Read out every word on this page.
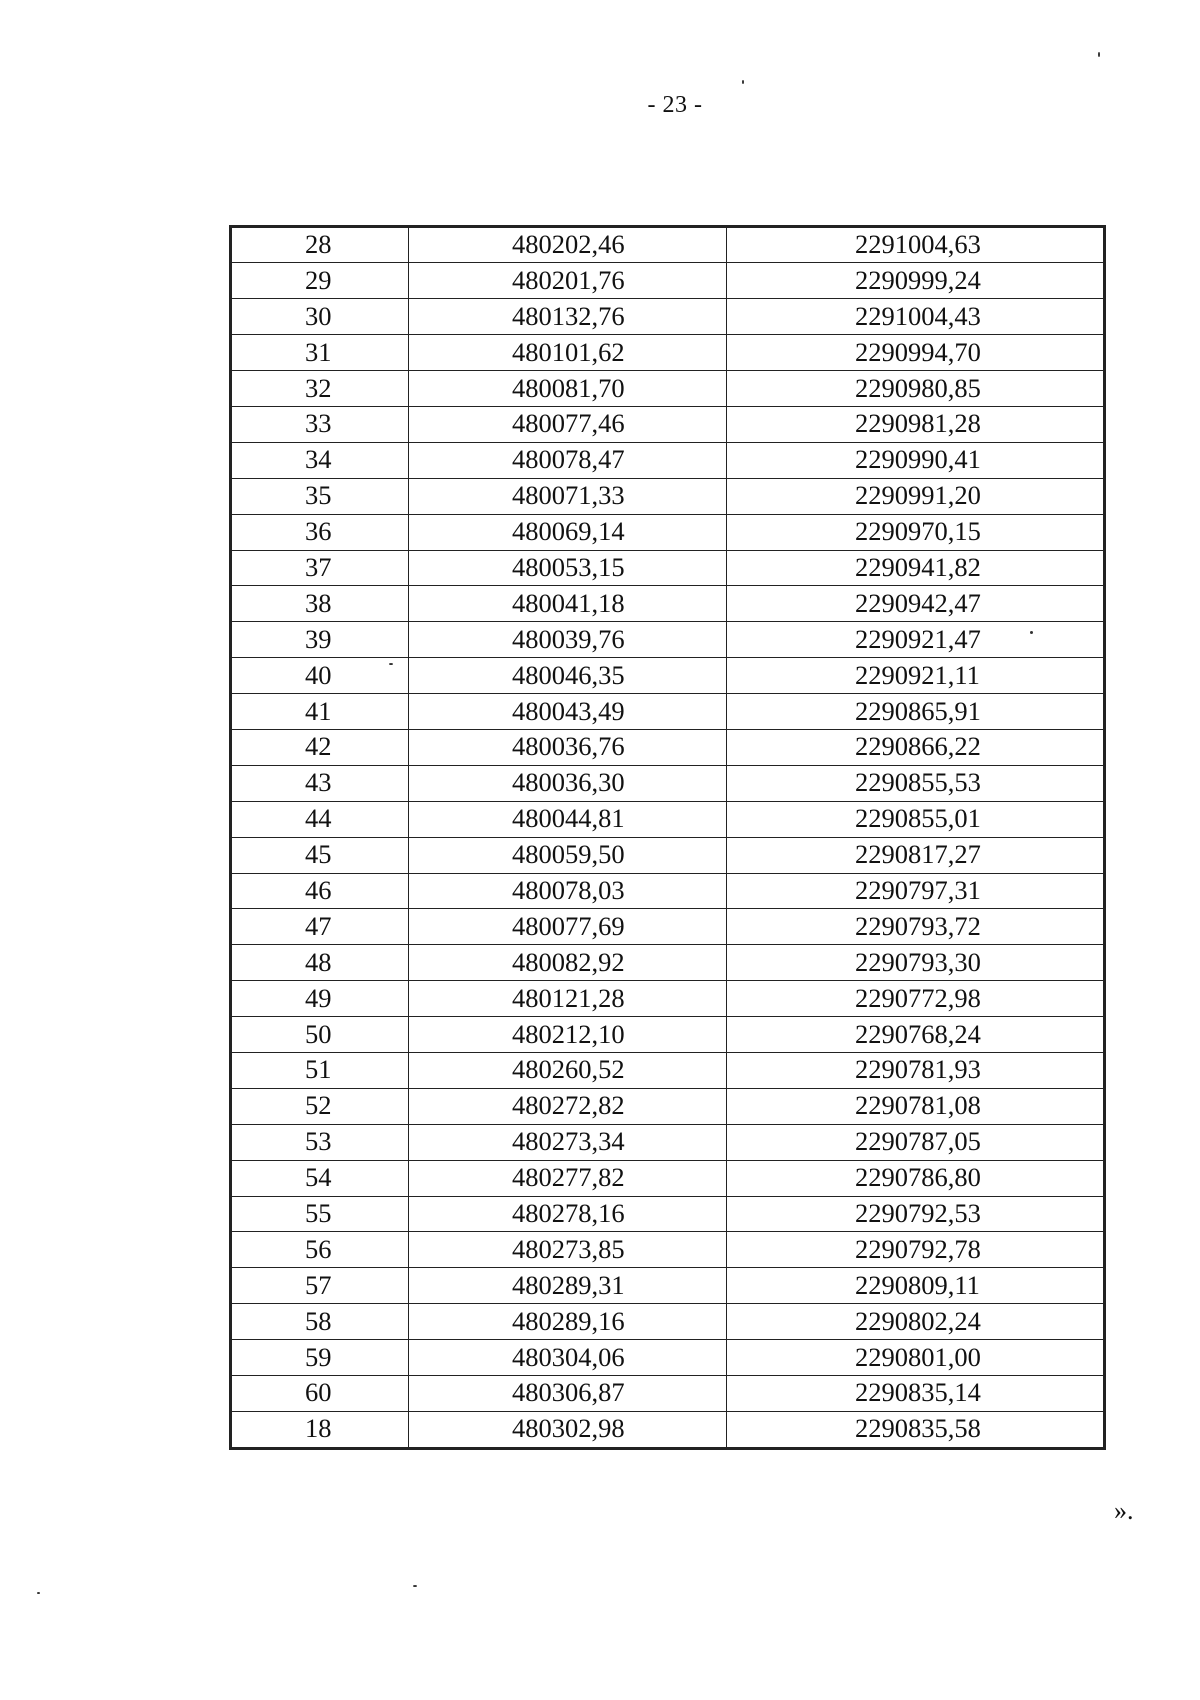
- 23 -
28	480202,46	2291004,63
29	480201,76	2290999,24
30	480132,76	2291004,43
31	480101,62	2290994,70
32	480081,70	2290980,85
33	480077,46	2290981,28
34	480078,47	2290990,41
35	480071,33	2290991,20
36	480069,14	2290970,15
37	480053,15	2290941,82
38	480041,18	2290942,47
39	480039,76	2290921,47
40	480046,35	2290921,11
41	480043,49	2290865,91
42	480036,76	2290866,22
43	480036,30	2290855,53
44	480044,81	2290855,01
45	480059,50	2290817,27
46	480078,03	2290797,31
47	480077,69	2290793,72
48	480082,92	2290793,30
49	480121,28	2290772,98
50	480212,10	2290768,24
51	480260,52	2290781,93
52	480272,82	2290781,08
53	480273,34	2290787,05
54	480277,82	2290786,80
55	480278,16	2290792,53
56	480273,85	2290792,78
57	480289,31	2290809,11
58	480289,16	2290802,24
59	480304,06	2290801,00
60	480306,87	2290835,14
18	480302,98	2290835,58
».
